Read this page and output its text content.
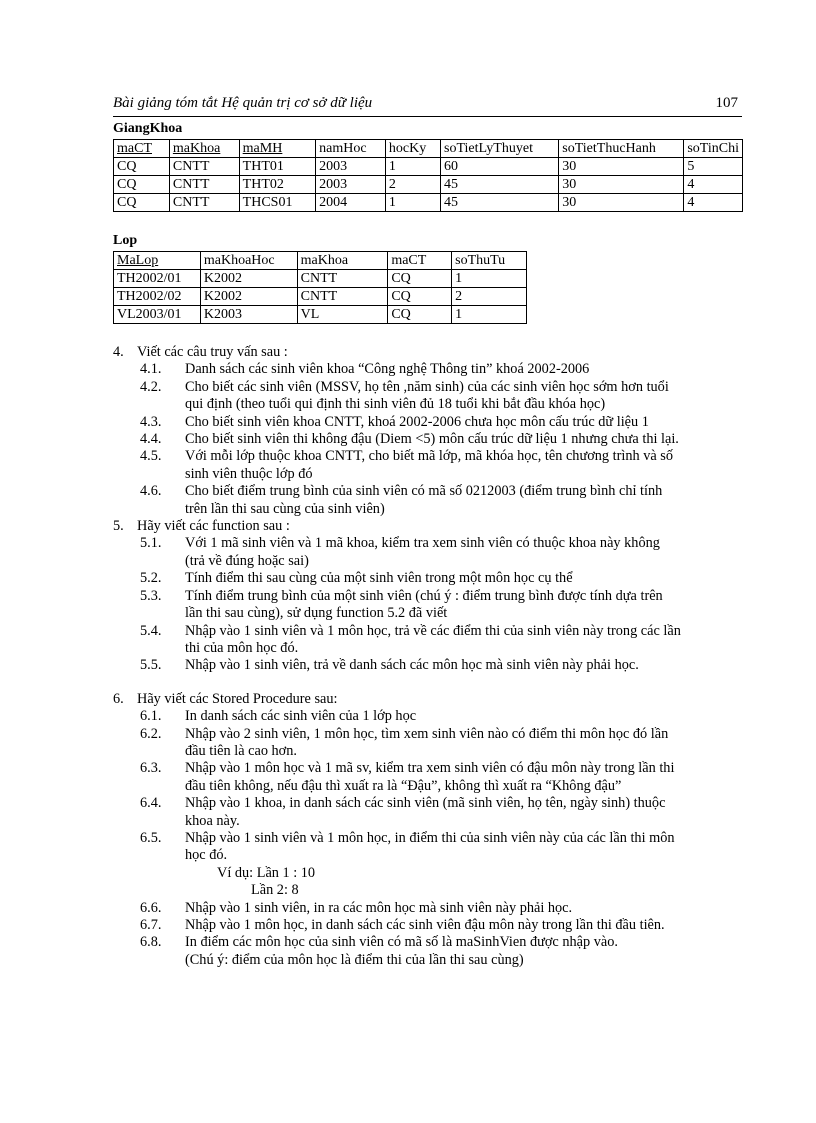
Bài giảng tóm tắt Hệ quản trị cơ sở dữ liệu	107
GiangKhoa
maCT	maKhoa	maMH	namHoc	hocKy	soTietLyThuyet	soTietThucHanh	soTinChi
CQ	CNTT	THT01	2003	1	60	30	5
CQ	CNTT	THT02	2003	2	45	30	4
CQ	CNTT	THCS01	2004	1	45	30	4
Lop
MaLop	maKhoaHoc	maKhoa	maCT	soThuTu
TH2002/01	K2002	CNTT	CQ	1
TH2002/02	K2002	CNTT	CQ	2
VL2003/01	K2003	VL	CQ	1
4. Viết các câu truy vấn sau :
4.1. Danh sách các sinh viên khoa “Công nghệ Thông tin” khoá 2002-2006
4.2. Cho biết các sinh viên (MSSV, họ tên ,năm sinh) của các sinh viên học sớm hơn tuổi
qui định (theo tuổi qui định thi sinh viên đủ 18 tuổi khi bắt đầu khóa học)
4.3. Cho biết sinh viên khoa CNTT, khoá 2002-2006 chưa học môn cấu trúc dữ liệu 1
4.4. Cho biết sinh viên thi không đậu (Diem <5) môn cấu trúc dữ liệu 1 nhưng chưa thi lại.
4.5. Với mỗi lớp thuộc khoa CNTT, cho biết mã lớp, mã khóa học, tên chương trình và số
sinh viên thuộc lớp đó
4.6. Cho biết điểm trung bình của sinh viên có mã số 0212003 (điểm trung bình chỉ tính
trên lần thi sau cùng của sinh viên)
5. Hãy viết các function sau :
5.1. Với 1 mã sinh viên và 1 mã khoa, kiểm tra xem sinh viên có thuộc khoa này không
(trả về đúng hoặc sai)
5.2. Tính điểm thi sau cùng của một sinh viên trong một môn học cụ thể
5.3. Tính điểm trung bình của một sinh viên (chú ý : điểm trung bình được tính dựa trên
lần thi sau cùng), sử dụng function 5.2 đã viết
5.4. Nhập vào 1 sinh viên và 1 môn học, trả về các điểm thi của sinh viên này trong các lần
thi của môn học đó.
5.5. Nhập vào 1 sinh viên, trả về danh sách các môn học mà sinh viên này phải học.
6. Hãy viết các Stored Procedure sau:
6.1. In danh sách các sinh viên của 1 lớp học
6.2. Nhập vào 2 sinh viên, 1 môn học, tìm xem sinh viên nào có điểm thi môn học đó lần
đầu tiên là cao hơn.
6.3. Nhập vào 1 môn học và 1 mã sv, kiểm tra xem sinh viên có đậu môn này trong lần thi
đầu tiên không, nếu đậu thì xuất ra là “Đậu”, không thì xuất ra “Không đậu”
6.4. Nhập vào 1 khoa, in danh sách các sinh viên (mã sinh viên, họ tên, ngày sinh) thuộc
khoa này.
6.5. Nhập vào 1 sinh viên và 1 môn học, in điểm thi của sinh viên này của các lần thi môn
học đó.
Ví dụ: Lần 1 : 10
Lần 2: 8
6.6. Nhập vào 1 sinh viên, in ra các môn học mà sinh viên này phải học.
6.7. Nhập vào 1 môn học, in danh sách các sinh viên đậu môn này trong lần thi đầu tiên.
6.8. In điểm các môn học của sinh viên có mã số là maSinhVien được nhập vào.
(Chú ý: điểm của môn học là điểm thi của lần thi sau cùng)
